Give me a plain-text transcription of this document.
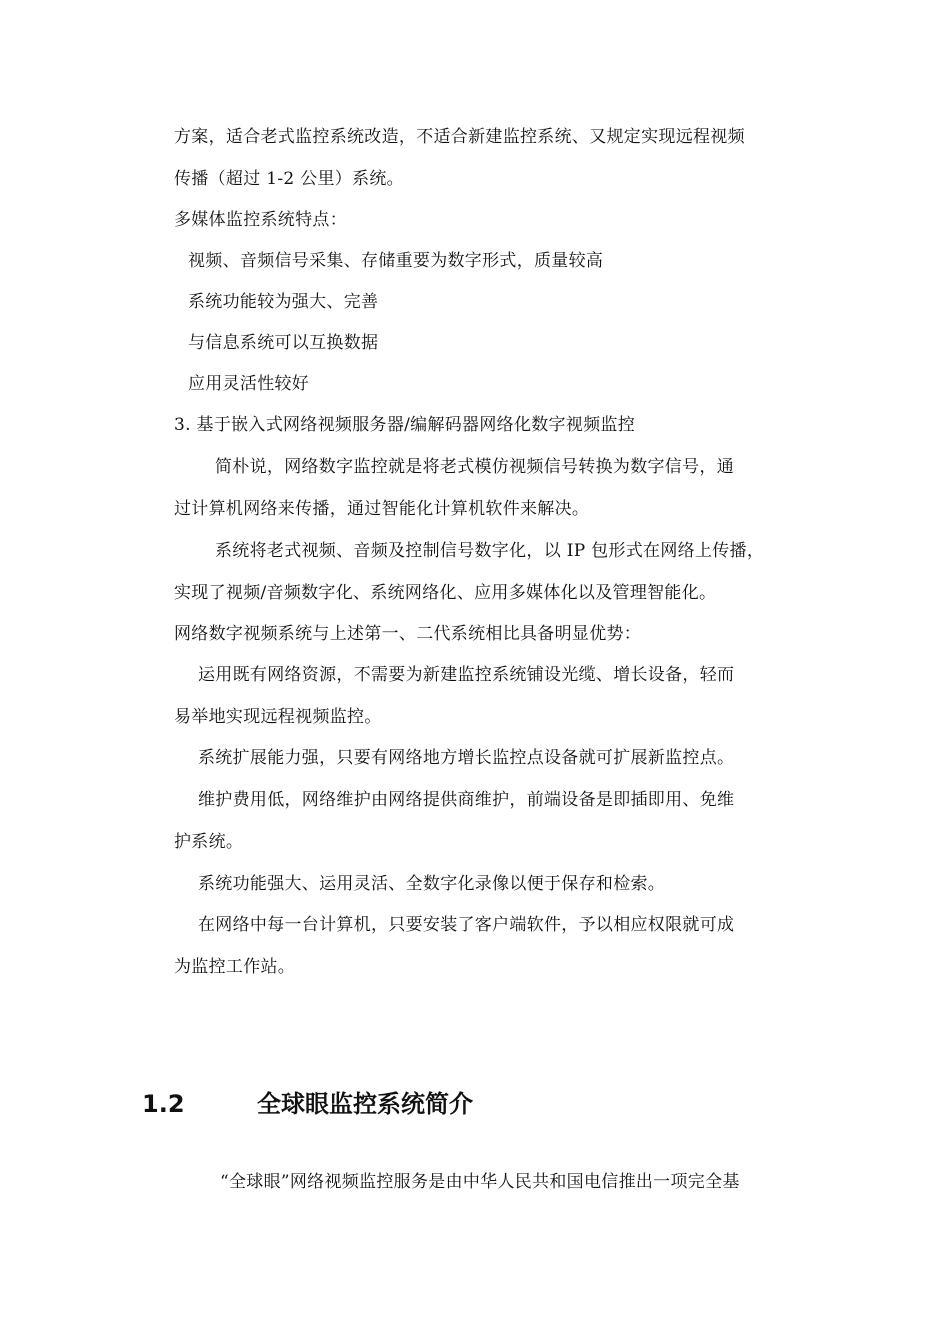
方案，适合老式监控系统改造，不适合新建监控系统、又规定实现远程视频
传播（超过 1-2 公里）系统。
多媒体监控系统特点：
视频、音频信号采集、存储重要为数字形式，质量较高
系统功能较为强大、完善
与信息系统可以互换数据
应用灵活性较好
3. 基于嵌入式网络视频服务器/编解码器网络化数字视频监控
简朴说，网络数字监控就是将老式模仿视频信号转换为数字信号，通
过计算机网络来传播，通过智能化计算机软件来解决。
系统将老式视频、音频及控制信号数字化，以 IP 包形式在网络上传播，
实现了视频/音频数字化、系统网络化、应用多媒体化以及管理智能化。
网络数字视频系统与上述第一、二代系统相比具备明显优势：
运用既有网络资源，不需要为新建监控系统铺设光缆、增长设备，轻而
易举地实现远程视频监控。
系统扩展能力强，只要有网络地方增长监控点设备就可扩展新监控点。
维护费用低，网络维护由网络提供商维护，前端设备是即插即用、免维
护系统。
系统功能强大、运用灵活、全数字化录像以便于保存和检索。
在网络中每一台计算机，只要安装了客户端软件，予以相应权限就可成
为监控工作站。
1.2	全球眼监控系统简介
“全球眼”网络视频监控服务是由中华人民共和国电信推出一项完全基
